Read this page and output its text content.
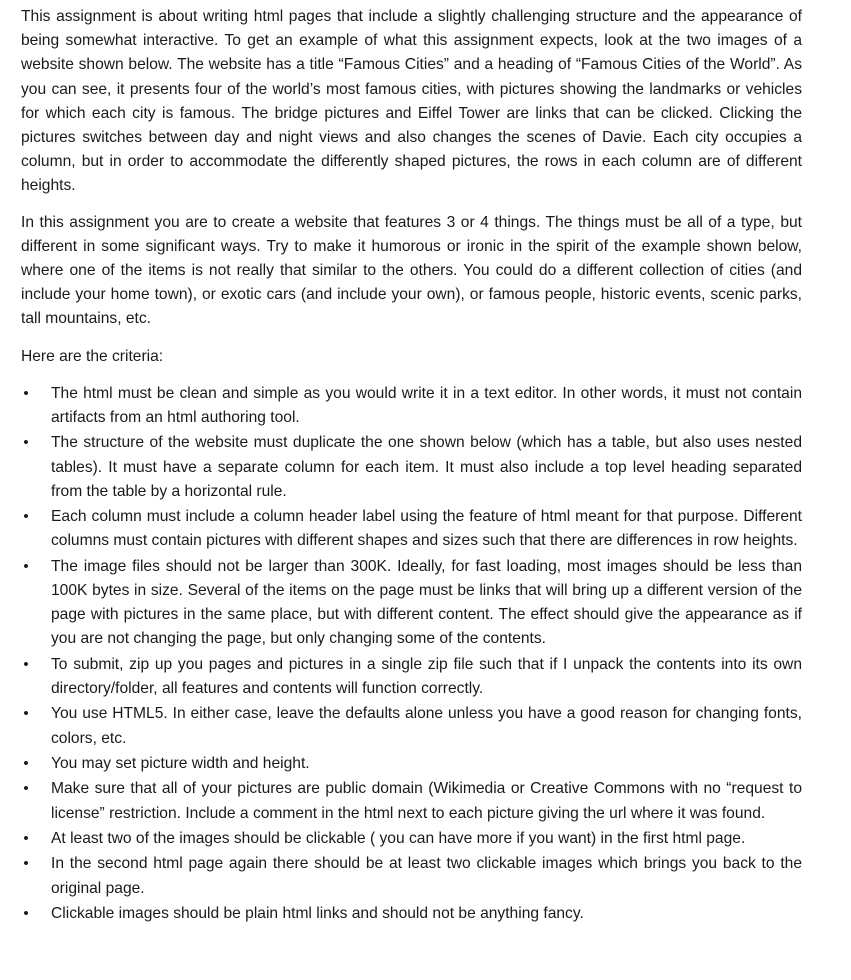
This assignment is about writing html pages that include a slightly challenging structure and the appearance of being somewhat interactive. To get an example of what this assignment expects, look at the two images of a website shown below. The website has a title “Famous Cities” and a heading of “Famous Cities of the World”. As you can see, it presents four of the world’s most famous cities, with pictures showing the landmarks or vehicles for which each city is famous. The bridge pictures and Eiffel Tower are links that can be clicked. Clicking the pictures switches between day and night views and also changes the scenes of Davie. Each city occupies a column, but in order to accommodate the differently shaped pictures, the rows in each column are of different heights.

In this assignment you are to create a website that features 3 or 4 things. The things must be all of a type, but different in some significant ways. Try to make it humorous or ironic in the spirit of the example shown below, where one of the items is not really that similar to the others. You could do a different collection of cities (and include your home town), or exotic cars (and include your own), or famous people, historic events, scenic parks, tall mountains, etc.

Here are the criteria:

• The html must be clean and simple as you would write it in a text editor. In other words, it must not contain artifacts from an html authoring tool.
• The structure of the website must duplicate the one shown below (which has a table, but also uses nested tables). It must have a separate column for each item. It must also include a top level heading separated from the table by a horizontal rule.
• Each column must include a column header label using the feature of html meant for that purpose. Different columns must contain pictures with different shapes and sizes such that there are differences in row heights.
• The image files should not be larger than 300K. Ideally, for fast loading, most images should be less than 100K bytes in size. Several of the items on the page must be links that will bring up a different version of the page with pictures in the same place, but with different content. The effect should give the appearance as if you are not changing the page, but only changing some of the contents.
• To submit, zip up you pages and pictures in a single zip file such that if I unpack the contents into its own directory/folder, all features and contents will function correctly.
• You use HTML5. In either case, leave the defaults alone unless you have a good reason for changing fonts, colors, etc.
• You may set picture width and height.
• Make sure that all of your pictures are public domain (Wikimedia or Creative Commons with no “request to license” restriction. Include a comment in the html next to each picture giving the url where it was found.
• At least two of the images should be clickable ( you can have more if you want) in the first html page.
• In the second html page again there should be at least two clickable images which brings you back to the original page.
• Clickable images should be plain html links and should not be anything fancy.
